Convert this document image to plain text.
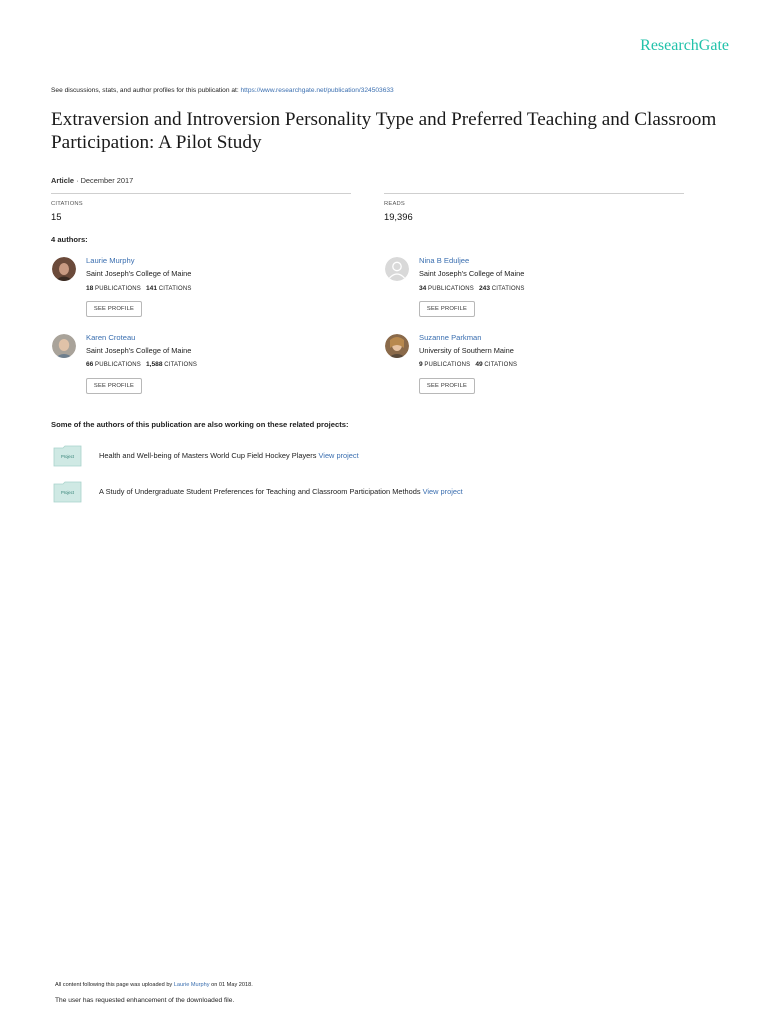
ResearchGate
See discussions, stats, and author profiles for this publication at: https://www.researchgate.net/publication/324503633
Extraversion and Introversion Personality Type and Preferred Teaching and Classroom Participation: A Pilot Study
Article · December 2017
CITATIONS
15
READS
19,396
4 authors:
Laurie Murphy
Saint Joseph's College of Maine
18 PUBLICATIONS 141 CITATIONS
SEE PROFILE
Nina B Eduljee
Saint Joseph's College of Maine
34 PUBLICATIONS 243 CITATIONS
SEE PROFILE
Karen Croteau
Saint Joseph's College of Maine
66 PUBLICATIONS 1,588 CITATIONS
SEE PROFILE
Suzanne Parkman
University of Southern Maine
9 PUBLICATIONS 49 CITATIONS
SEE PROFILE
Some of the authors of this publication are also working on these related projects:
Project	Health and Well-being of Masters World Cup Field Hockey Players View project
Project	A Study of Undergraduate Student Preferences for Teaching and Classroom Participation Methods View project
All content following this page was uploaded by Laurie Murphy on 01 May 2018.
The user has requested enhancement of the downloaded file.
